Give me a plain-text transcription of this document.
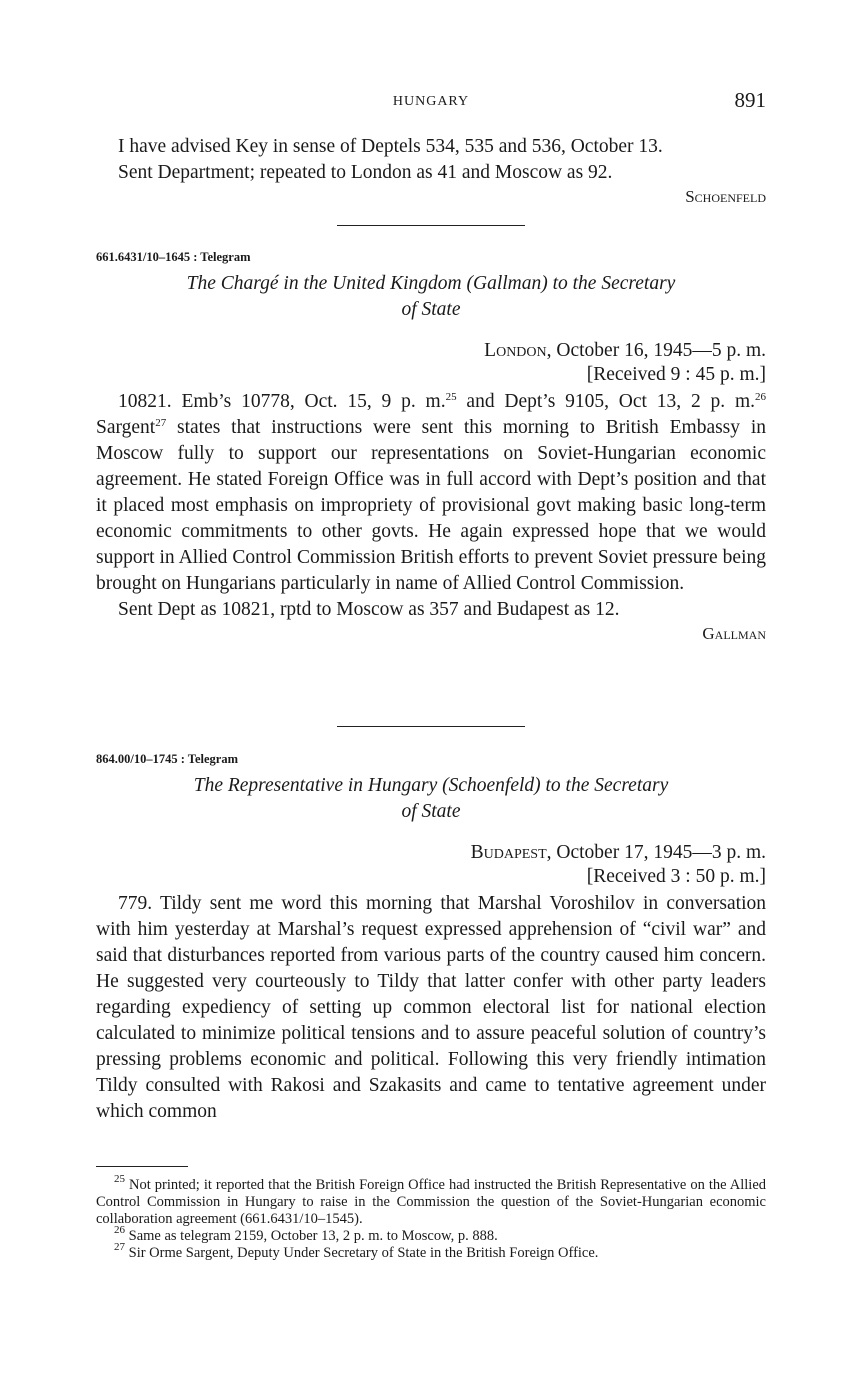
HUNGARY	891

I have advised Key in sense of Deptels 534, 535 and 536, October 13.

Sent Department; repeated to London as 41 and Moscow as 92.

Schoenfeld
661.6431/10–1645 : Telegram
The Chargé in the United Kingdom (Gallman) to the Secretary
of State
London, October 16, 1945—5 p. m.
[Received 9 : 45 p. m.]

10821. Emb’s 10778, Oct. 15, 9 p. m.$^{25}$ and Dept’s 9105, Oct 13, 2 p. m.$^{26}$ Sargent$^{27}$ states that instructions were sent this morning to British Embassy in Moscow fully to support our representations on Soviet-Hungarian economic agreement. He stated Foreign Office was in full accord with Dept’s position and that it placed most emphasis on impropriety of provisional govt making basic long-term economic commitments to other govts. He again expressed hope that we would support in Allied Control Commission British efforts to prevent Soviet pressure being brought on Hungarians particularly in name of Allied Control Commission.

Sent Dept as 10821, rptd to Moscow as 357 and Budapest as 12.

Gallman
864.00/10–1745 : Telegram
The Representative in Hungary (Schoenfeld) to the Secretary
of State
Budapest, October 17, 1945—3 p. m.
[Received 3 : 50 p. m.]

779. Tildy sent me word this morning that Marshal Voroshilov in conversation with him yesterday at Marshal’s request expressed apprehension of “civil war” and said that disturbances reported from various parts of the country caused him concern. He suggested very courteously to Tildy that latter confer with other party leaders regarding expediency of setting up common electoral list for national election calculated to minimize political tensions and to assure peaceful solution of country’s pressing problems economic and political. Following this very friendly intimation Tildy consulted with Rakosi and Szakasits and came to tentative agreement under which common

$^{25}$ Not printed; it reported that the British Foreign Office had instructed the British Representative on the Allied Control Commission in Hungary to raise in the Commission the question of the Soviet-Hungarian economic collaboration agreement (661.6431/10–1545).

$^{26}$ Same as telegram 2159, October 13, 2 p. m. to Moscow, p. 888.

$^{27}$ Sir Orme Sargent, Deputy Under Secretary of State in the British Foreign Office.
